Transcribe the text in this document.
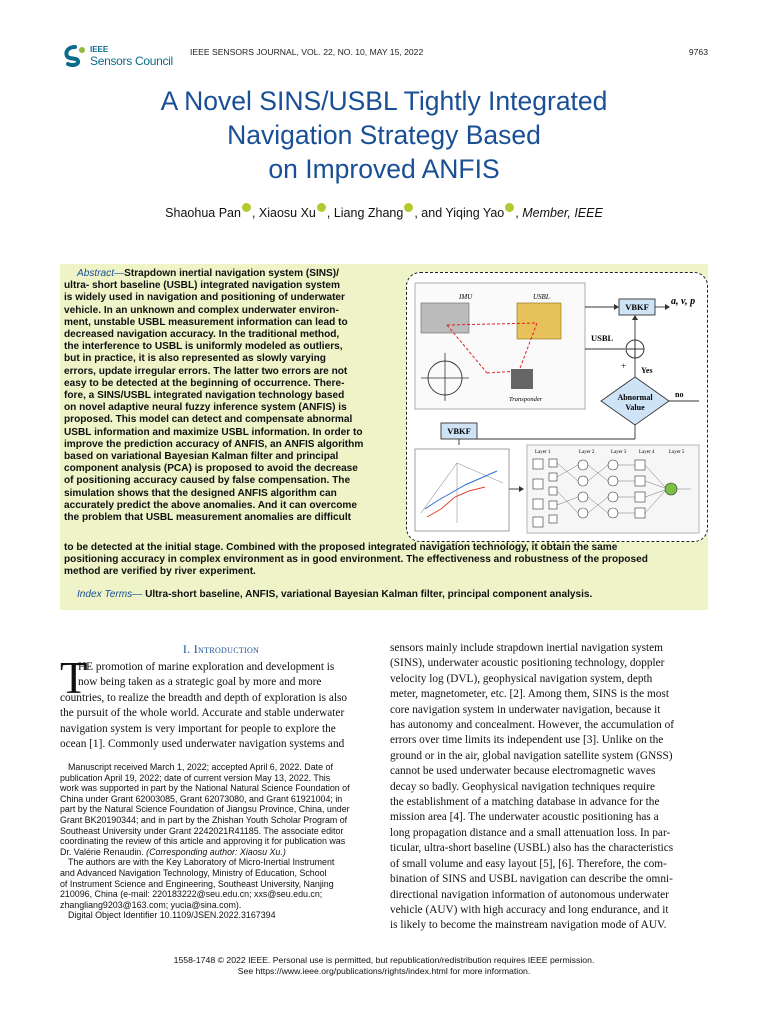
IEEE
Sensors Council
IEEE SENSORS JOURNAL, VOL. 22, NO. 10, MAY 15, 2022	9763
A Novel SINS/USBL Tightly Integrated
Navigation Strategy Based
on Improved ANFIS
Shaohua Pan , Xiaosu Xu , Liang Zhang , and Yiqing Yao , Member, IEEE
Abstract—Strapdown inertial navigation system (SINS)/
ultra- short baseline (USBL) integrated navigation system
is widely used in navigation and positioning of underwater
vehicle. In an unknown and complex underwater environ-
ment, unstable USBL measurement information can lead to
decreased navigation accuracy. In the traditional method,
the interference to USBL is uniformly modeled as outliers,
but in practice, it is also represented as slowly varying
errors, update irregular errors. The latter two errors are not
easy to be detected at the beginning of occurrence. There-
fore, a SINS/USBL integrated navigation technology based
on novel adaptive neural fuzzy inference system (ANFIS) is
proposed. This model can detect and compensate abnormal
USBL information and maximize USBL information. In order to
improve the prediction accuracy of ANFIS, an ANFIS algorithm
based on variational Bayesian Kalman filter and principal
component analysis (PCA) is proposed to avoid the decrease
of positioning accuracy caused by false compensation. The
simulation shows that the designed ANFIS algorithm can
accurately predict the above anomalies. And it can overcome
the problem that USBL measurement anomalies are difficult
to be detected at the initial stage. Combined with the proposed integrated navigation technology, it obtain the same
positioning accuracy in complex environment as in good environment. The effectiveness and robustness of the proposed
method are verified by river experiment.
Index Terms— Ultra-short baseline, ANFIS, variational Bayesian Kalman filter, principal component analysis.
IMU	USBL
Transponder
VBKF a, v, p
USBL
+ Yes
Abnormal
Value
no
VBKF
Layer 1	Layer 2	Layer 3	Layer 4	Layer 5
I. Introduction
T
HE promotion of marine exploration and development is
now being taken as a strategic goal by more and more
countries, to realize the breadth and depth of exploration is also
the pursuit of the whole world. Accurate and stable underwater
navigation system is very important for people to explore the
ocean [1]. Commonly used underwater navigation systems and
Manuscript received March 1, 2022; accepted April 6, 2022. Date of
publication April 19, 2022; date of current version May 13, 2022. This
work was supported in part by the National Natural Science Foundation of
China under Grant 62003085, Grant 62073080, and Grant 61921004; in
part by the Natural Science Foundation of Jiangsu Province, China, under
Grant BK20190344; and in part by the Zhishan Youth Scholar Program of
Southeast University under Grant 2242021R41185. The associate editor
coordinating the review of this article and approving it for publication was
Dr. Valérie Renaudin. (Corresponding author: Xiaosu Xu.)
The authors are with the Key Laboratory of Micro-Inertial Instrument
and Advanced Navigation Technology, Ministry of Education, School
of Instrument Science and Engineering, Southeast University, Nanjing
210096, China (e-mail: 220183222@seu.edu.cn; xxs@seu.edu.cn;
zhangliang9203@163.com; yucia@sina.com).
Digital Object Identifier 10.1109/JSEN.2022.3167394
sensors mainly include strapdown inertial navigation system
(SINS), underwater acoustic positioning technology, doppler
velocity log (DVL), geophysical navigation system, depth
meter, magnetometer, etc. [2]. Among them, SINS is the most
core navigation system in underwater navigation, because it
has autonomy and concealment. However, the accumulation of
errors over time limits its independent use [3]. Unlike on the
ground or in the air, global navigation satellite system (GNSS)
cannot be used underwater because electromagnetic waves
decay so badly. Geophysical navigation techniques require
the establishment of a matching database in advance for the
mission area [4]. The underwater acoustic positioning has a
long propagation distance and a small attenuation loss. In par-
ticular, ultra-short baseline (USBL) also has the characteristics
of small volume and easy layout [5], [6]. Therefore, the com-
bination of SINS and USBL navigation can describe the omni-
directional navigation information of autonomous underwater
vehicle (AUV) with high accuracy and long endurance, and it
is likely to become the mainstream navigation mode of AUV.
1558-1748 © 2022 IEEE. Personal use is permitted, but republication/redistribution requires IEEE permission.
See https://www.ieee.org/publications/rights/index.html for more information.
